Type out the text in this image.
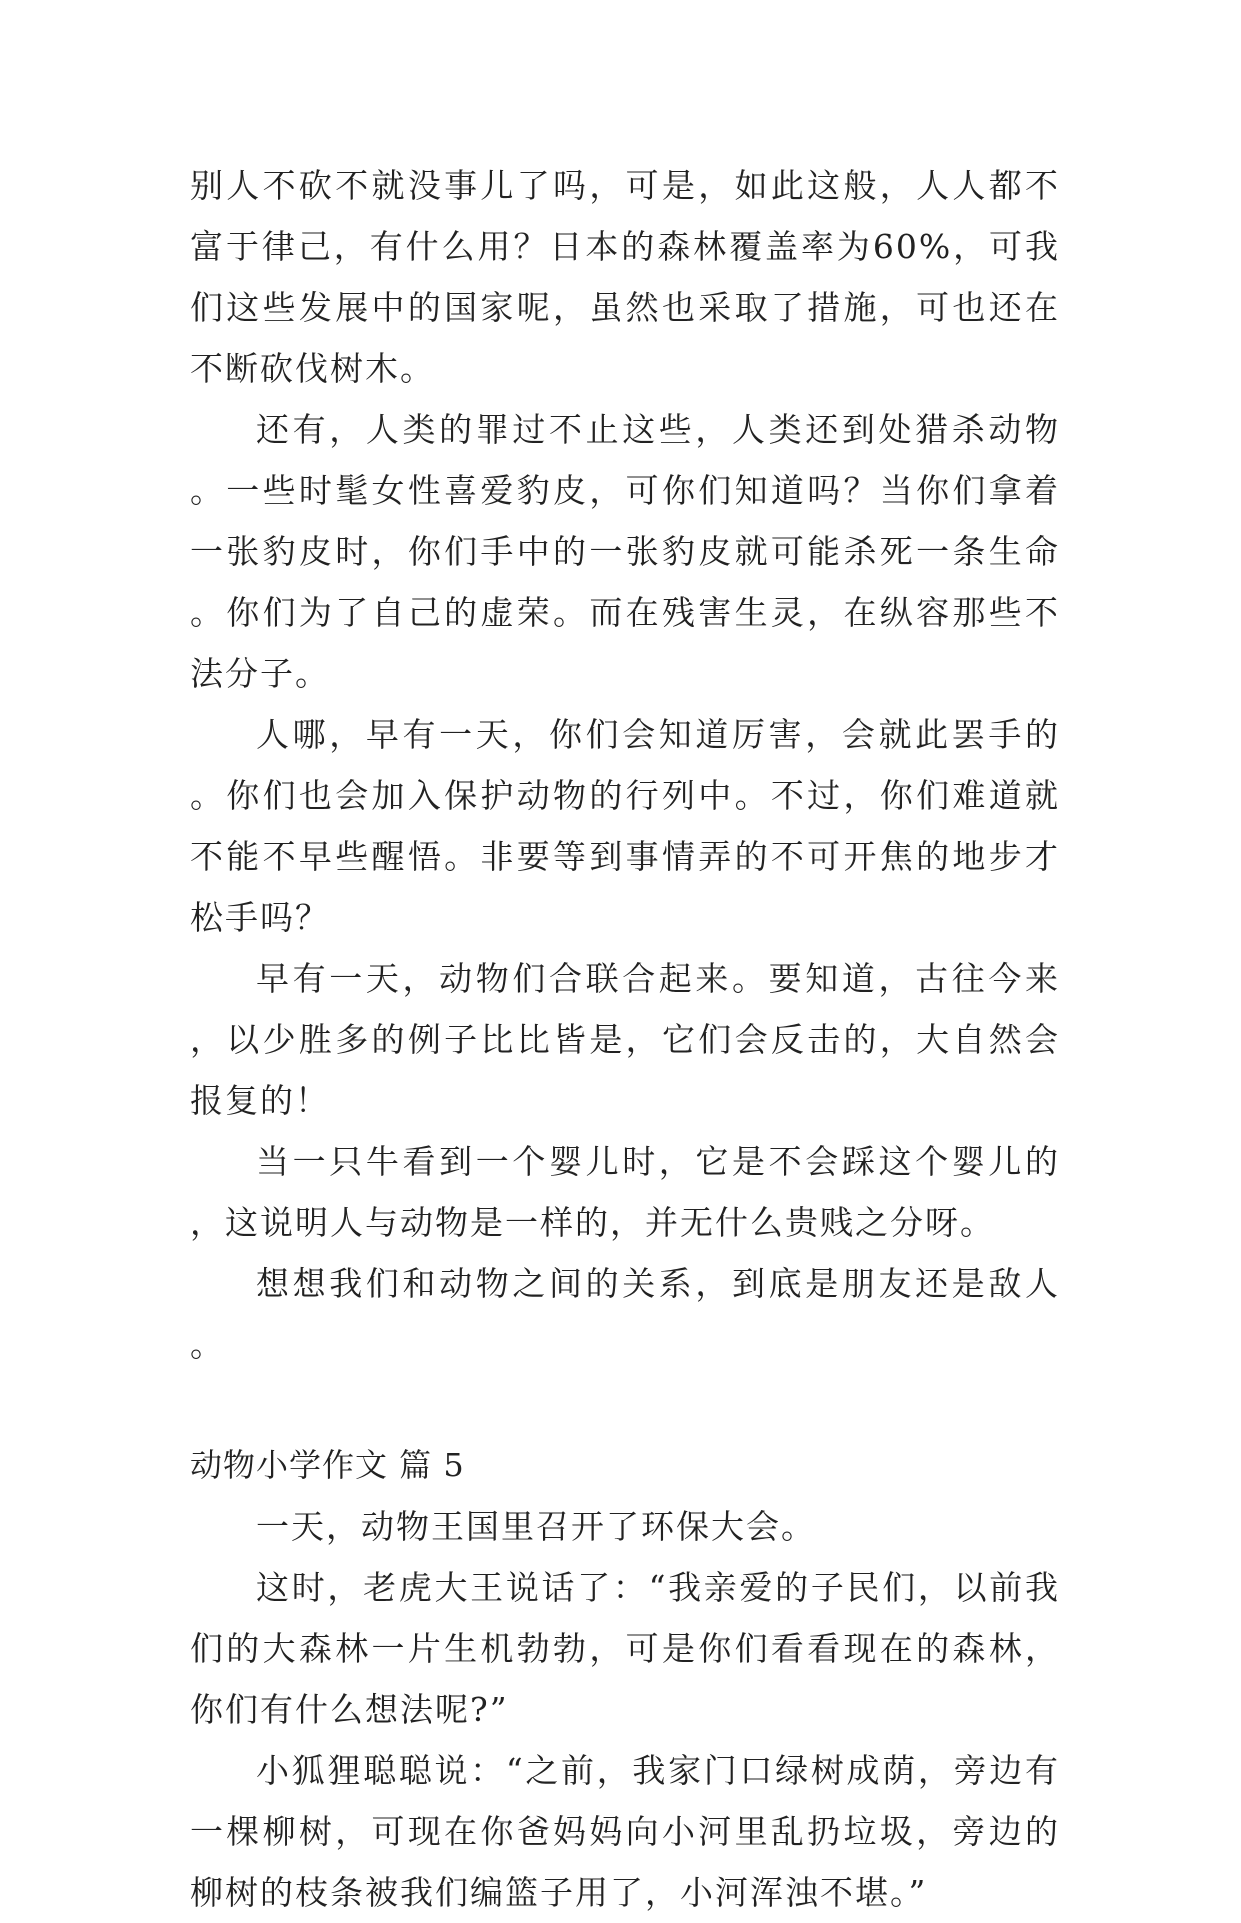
别人不砍不就没事儿了吗，可是，如此这般，人人都不富于律己，有什么用？日本的森林覆盖率为60%，可我们这些发展中的国家呢，虽然也采取了措施，可也还在不断砍伐树木。

还有，人类的罪过不止这些，人类还到处猎杀动物。一些时髦女性喜爱豹皮，可你们知道吗？当你们拿着一张豹皮时，你们手中的一张豹皮就可能杀死一条生命。你们为了自己的虚荣。而在残害生灵，在纵容那些不法分子。

人哪，早有一天，你们会知道厉害，会就此罢手的。你们也会加入保护动物的行列中。不过，你们难道就不能不早些醒悟。非要等到事情弄的不可开焦的地步才松手吗？

早有一天，动物们合联合起来。要知道，古往今来，以少胜多的例子比比皆是，它们会反击的，大自然会报复的！

当一只牛看到一个婴儿时，它是不会踩这个婴儿的，这说明人与动物是一样的，并无什么贵贱之分呀。

想想我们和动物之间的关系，到底是朋友还是敌人。

动物小学作文 篇 5

一天，动物王国里召开了环保大会。

这时，老虎大王说话了：“我亲爱的子民们，以前我们的大森林一片生机勃勃，可是你们看看现在的森林，你们有什么想法呢?”

小狐狸聪聪说：“之前，我家门口绿树成荫，旁边有一棵柳树，可现在你爸妈妈向小河里乱扔垃圾，旁边的柳树的枝条被我们编篮子用了，小河浑浊不堪。”
